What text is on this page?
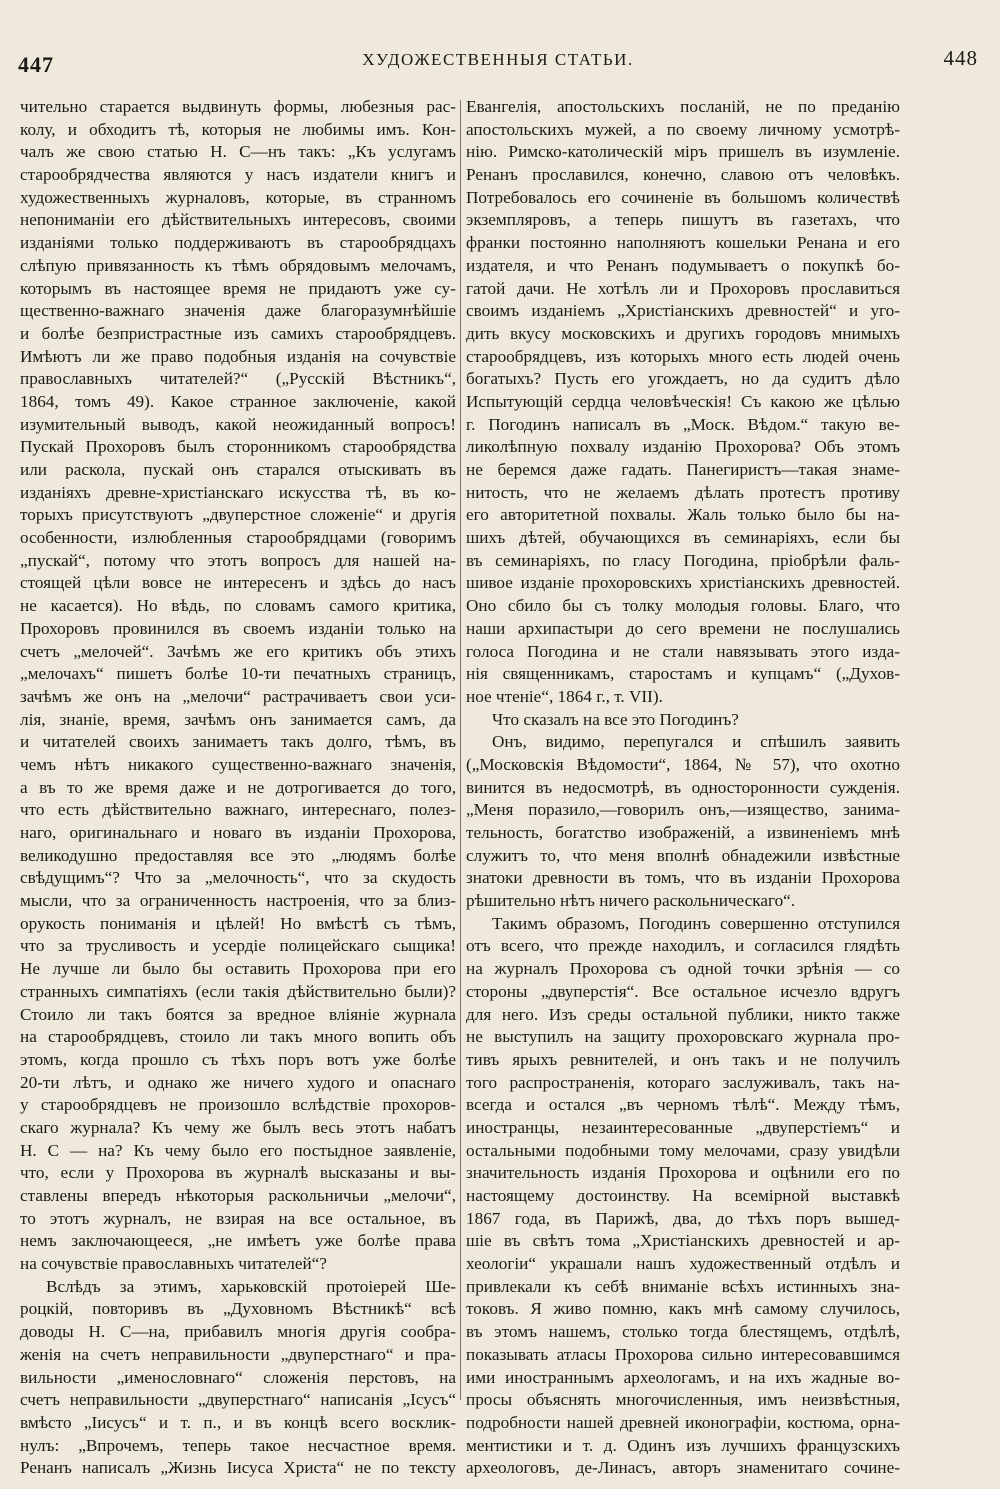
447	ХУДОЖЕСТВЕННЫЯ СТАТЬИ.	448
чительно старается выдвинуть формы, любезныя рас-
колу, и обходитъ тѣ, которыя не любимы имъ. Кон-
чалъ же свою статью Н. С—нъ такъ: „Къ услугамъ
старообрядчества являются у насъ издатели книгъ и
художественныхъ журналовъ, которые, въ странномъ
непониманіи его дѣйствительныхъ интересовъ, своими
изданіями только поддерживаютъ въ старообрядцахъ
слѣпую привязанность къ тѣмъ обрядовымъ мелочамъ,
которымъ въ настоящее время не придаютъ уже су-
щественно-важнаго значенія даже благоразумнѣйшіе
и болѣе безпристрастные изъ самихъ старообрядцевъ.
Имѣютъ ли же право подобныя изданія на сочувствіе
православныхъ читателей?“ („Русскій Вѣстникъ“,
1864, томъ 49). Какое странное заключеніе, какой
изумительный выводъ, какой неожиданный вопросъ!
Пускай Прохоровъ былъ сторонникомъ старообрядства
или раскола, пускай онъ старался отыскивать въ
изданіяхъ древне-христіанскаго искусства тѣ, въ ко-
торыхъ присутствуютъ „двуперстное сложеніе“ и другія
особенности, излюбленныя старообрядцами (говоримъ
„пускай“, потому что этотъ вопросъ для нашей на-
стоящей цѣли вовсе не интересенъ и здѣсь до насъ
не касается). Но вѣдь, по словамъ самого критика,
Прохоровъ провинился въ своемъ изданіи только на
счетъ „мелочей“. Зачѣмъ же его критикъ объ этихъ
„мелочахъ“ пишетъ болѣе 10-ти печатныхъ страницъ,
зачѣмъ же онъ на „мелочи“ растрачиваетъ свои уси-
лія, знаніе, время, зачѣмъ онъ занимается самъ, да
и читателей своихъ занимаетъ такъ долго, тѣмъ, въ
чемъ нѣтъ никакого существенно-важнаго значенія,
а въ то же время даже и не дотрогивается до того,
что есть дѣйствительно важнаго, интереснаго, полез-
наго, оригинальнаго и новаго въ изданіи Прохорова,
великодушно предоставляя все это „людямъ болѣе
свѣдущимъ“? Что за „мелочность“, что за скудость
мысли, что за ограниченность настроенія, что за близ-
орукость пониманія и цѣлей! Но вмѣстѣ съ тѣмъ,
что за трусливость и усердіе полицейскаго сыщика!
Не лучше ли было бы оставить Прохорова при его
странныхъ симпатіяхъ (если такія дѣйствительно были)?
Стоило ли такъ боятся за вредное вліяніе журнала
на старообрядцевъ, стоило ли такъ много вопить объ
этомъ, когда прошло съ тѣхъ поръ вотъ уже болѣе
20-ти лѣтъ, и однако же ничего худого и опаснаго
у старообрядцевъ не произошло вслѣдствіе прохоров-
скаго журнала? Къ чему же былъ весь этотъ набатъ
Н. С — на? Къ чему было его постыдное заявленіе,
что, если у Прохорова въ журналѣ высказаны и вы-
ставлены впередъ нѣкоторыя раскольничьи „мелочи“,
то этотъ журналъ, не взирая на все остальное, въ
немъ заключающееся, „не имѣетъ уже болѣе права
на сочувствіе православныхъ читателей“?
Вслѣдъ за этимъ, харьковскій протоіерей Ше-
роцкій, повторивъ въ „Духовномъ Вѣстникѣ“ всѣ
доводы Н. С—на, прибавилъ многія другія сообра-
женія на счетъ неправильности „двуперстнаго“ и пра-
вильности „именословнаго“ сложенія перстовъ, на
счетъ неправильности „двуперстнаго“ написанія „Ісусъ“
вмѣсто „Іисусъ“ и т. п., и въ концѣ всего восклик-
нулъ: „Впрочемъ, теперь такое несчастное время.
Ренанъ написалъ „Жизнь Іисуса Христа“ не по тексту
Евангелія, апостольскихъ посланій, не по преданію
апостольскихъ мужей, а по своему личному усмотрѣ-
нію. Римско-католическій міръ пришелъ въ изумленіе.
Ренанъ прославился, конечно, славою отъ человѣкъ.
Потребовалось его сочиненіе въ большомъ количествѣ
экземпляровъ, а теперь пишутъ въ газетахъ, что
франки постоянно наполняютъ кошельки Ренана и его
издателя, и что Ренанъ подумываетъ о покупкѣ бо-
гатой дачи. Не хотѣлъ ли и Прохоровъ прославиться
своимъ изданіемъ „Христіанскихъ древностей“ и уго-
дить вкусу московскихъ и другихъ городовъ мнимыхъ
старообрядцевъ, изъ которыхъ много есть людей очень
богатыхъ? Пусть его угождаетъ, но да судитъ дѣло
Испытующій сердца человѣческія! Съ какою же цѣлью
г. Погодинъ написалъ въ „Моск. Вѣдом.“ такую ве-
ликолѣпную похвалу изданію Прохорова? Объ этомъ
не беремся даже гадать. Панегиристъ—такая знаме-
нитость, что не желаемъ дѣлать протестъ противу
его авторитетной похвалы. Жаль только было бы на-
шихъ дѣтей, обучающихся въ семинаріяхъ, если бы
въ семинаріяхъ, по гласу Погодина, пріобрѣли фаль-
шивое изданіе прохоровскихъ христіанскихъ древностей.
Оно сбило бы съ толку молодыя головы. Благо, что
наши архипастыри до сего времени не послушались
голоса Погодина и не стали навязывать этого изда-
нія священникамъ, старостамъ и купцамъ“ („Духов-
ное чтеніе“, 1864 г., т. VII).
Что сказалъ на все это Погодинъ?
Онъ, видимо, перепугался и спѣшилъ заявить
(„Московскія Вѣдомости“, 1864, № 57), что охотно
винится въ недосмотрѣ, въ односторонности сужденія.
„Меня поразило,—говорилъ онъ,—изящество, занима-
тельность, богатство изображеній, а извиненіемъ мнѣ
служитъ то, что меня вполнѣ обнадежили извѣстные
знатоки древности въ томъ, что въ изданіи Прохорова
рѣшительно нѣтъ ничего раскольническаго“.
Такимъ образомъ, Погодинъ совершенно отступился
отъ всего, что прежде находилъ, и согласился глядѣть
на журналъ Прохорова съ одной точки зрѣнія — со
стороны „двуперстія“. Все остальное исчезло вдругъ
для него. Изъ среды остальной публики, никто также
не выступилъ на защиту прохоровскаго журнала про-
тивъ ярыхъ ревнителей, и онъ такъ и не получилъ
того распространенія, котораго заслуживалъ, такъ на-
всегда и остался „въ черномъ тѣлѣ“. Между тѣмъ,
иностранцы, незаинтересованные „двуперстіемъ“ и
остальными подобными тому мелочами, сразу увидѣли
значительность изданія Прохорова и оцѣнили его по
настоящему достоинству. На всемірной выставкѣ
1867 года, въ Парижѣ, два, до тѣхъ поръ вышед-
шіе въ свѣтъ тома „Христіанскихъ древностей и ар-
хеологіи“ украшали нашъ художественный отдѣлъ и
привлекали къ себѣ вниманіе всѣхъ истинныхъ зна-
токовъ. Я живо помню, какъ мнѣ самому случилось,
въ этомъ нашемъ, столько тогда блестящемъ, отдѣлѣ,
показывать атласы Прохорова сильно интересовавшимся
ими иностраннымъ археологамъ, и на ихъ жадные во-
просы объяснять многочисленныя, имъ неизвѣстныя,
подробности нашей древней иконографіи, костюма, орна-
ментистики и т. д. Одинъ изъ лучшихъ французскихъ
археологовъ, де-Линасъ, авторъ знаменитаго сочине-
